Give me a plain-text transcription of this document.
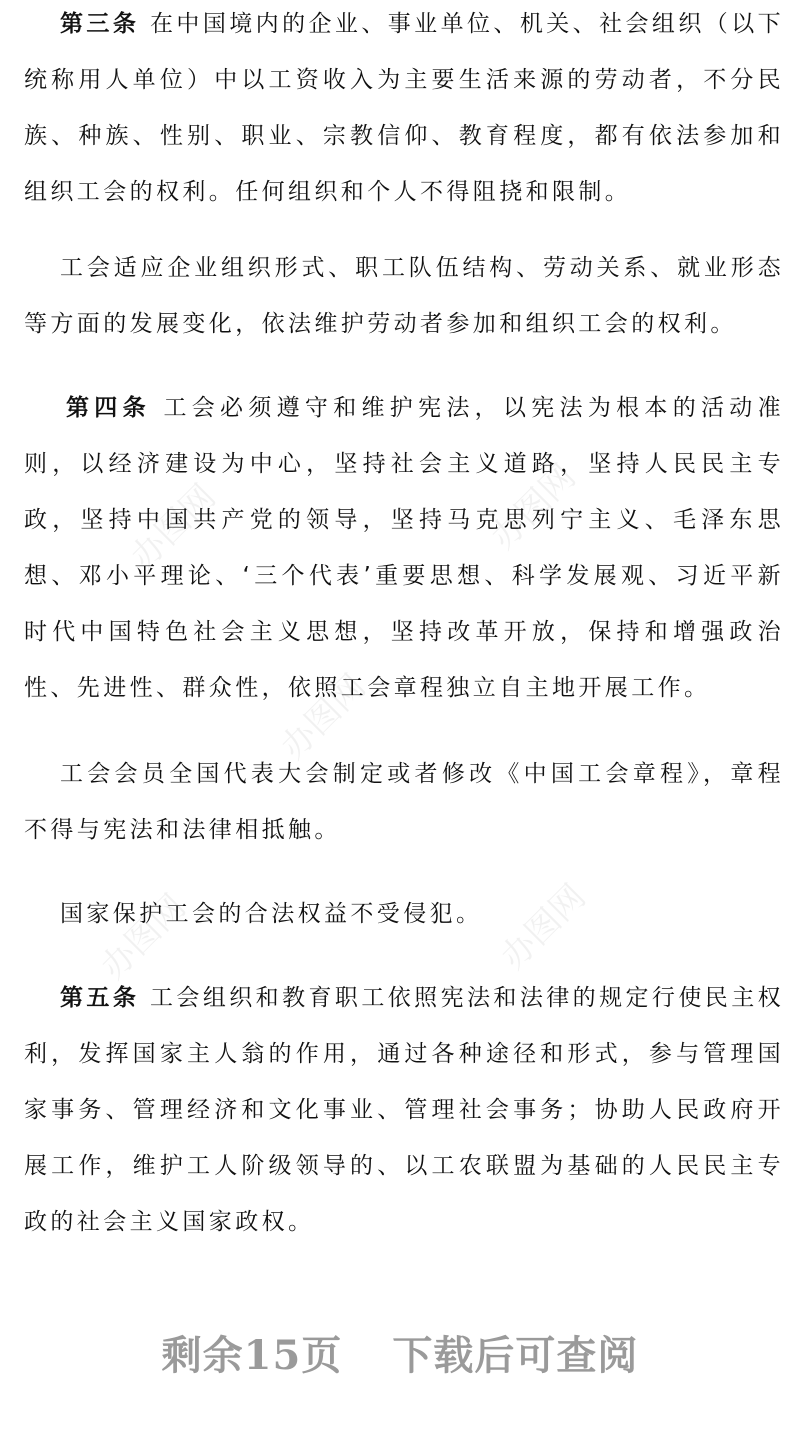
第三条 在中国境内的企业、事业单位、机关、社会组织（以下统称用人单位）中以工资收入为主要生活来源的劳动者，不分民族、种族、性别、职业、宗教信仰、教育程度，都有依法参加和组织工会的权利。任何组织和个人不得阻挠和限制。

工会适应企业组织形式、职工队伍结构、劳动关系、就业形态等方面的发展变化，依法维护劳动者参加和组织工会的权利。

第四条 工会必须遵守和维护宪法，以宪法为根本的活动准则，以经济建设为中心，坚持社会主义道路，坚持人民民主专政，坚持中国共产党的领导，坚持马克思列宁主义、毛泽东思想、邓小平理论、‘三个代表’重要思想、科学发展观、习近平新时代中国特色社会主义思想，坚持改革开放，保持和增强政治性、先进性、群众性，依照工会章程独立自主地开展工作。

工会会员全国代表大会制定或者修改《中国工会章程》，章程不得与宪法和法律相抵触。

国家保护工会的合法权益不受侵犯。

第五条 工会组织和教育职工依照宪法和法律的规定行使民主权利，发挥国家主人翁的作用，通过各种途径和形式，参与管理国家事务、管理经济和文化事业、管理社会事务；协助人民政府开展工作，维护工人阶级领导的、以工农联盟为基础的人民民主专政的社会主义国家政权。

办图网	办图网
办图网
办图网
办图网
剩余15页 下载后可查阅
